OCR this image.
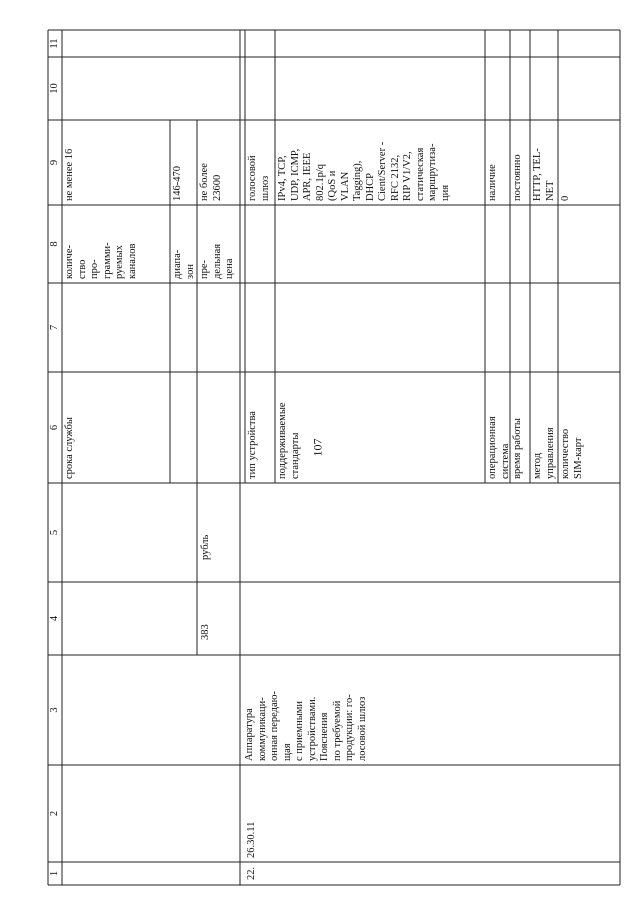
107
1
2
3
4
5
6
7
8
9
10
11
22.
26.30.11
383
рубль
Аппаратура коммуникаци- онная передаю- щая с приемными устройствами. Пояснения по требуемой продукции: го- лосовой шлюз
срока службы
количе- ство про- грамми- руемых каналов
не менее 16
диапа- зон
146-470
пре- дельная цена
не более 23600
тип устройства
голосовой шлюз
поддерживаемые стандарты
IPv4, TCP, UDP, ICMP, APR, IEEE 802.1p/q (QoS и VLAN Tagging), DHCP Cient/Server - RFC 2132, RIP V1/V2, статическая маршрутиза- ция
операционная система
наличие
время работы
постоянно
метод управления
HTTP, TEL- NET
количество SIM-карт
0
